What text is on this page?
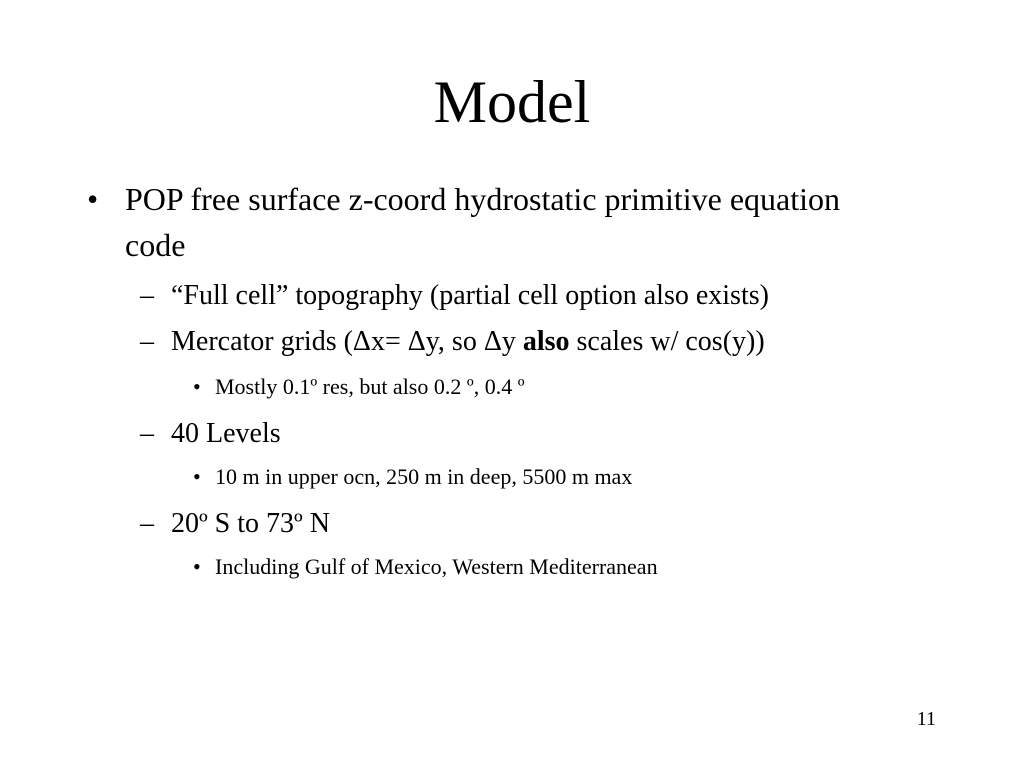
Model
• POP free surface z-coord hydrostatic primitive equation code
– “Full cell” topography (partial cell option also exists)
– Mercator grids (Δx= Δy, so Δy also scales w/ cos(y))
• Mostly 0.1º res, but also 0.2 º, 0.4 º
– 40 Levels
• 10 m in upper ocn, 250 m in deep, 5500 m max
– 20º S to 73º N
• Including Gulf of Mexico, Western Mediterranean
11
